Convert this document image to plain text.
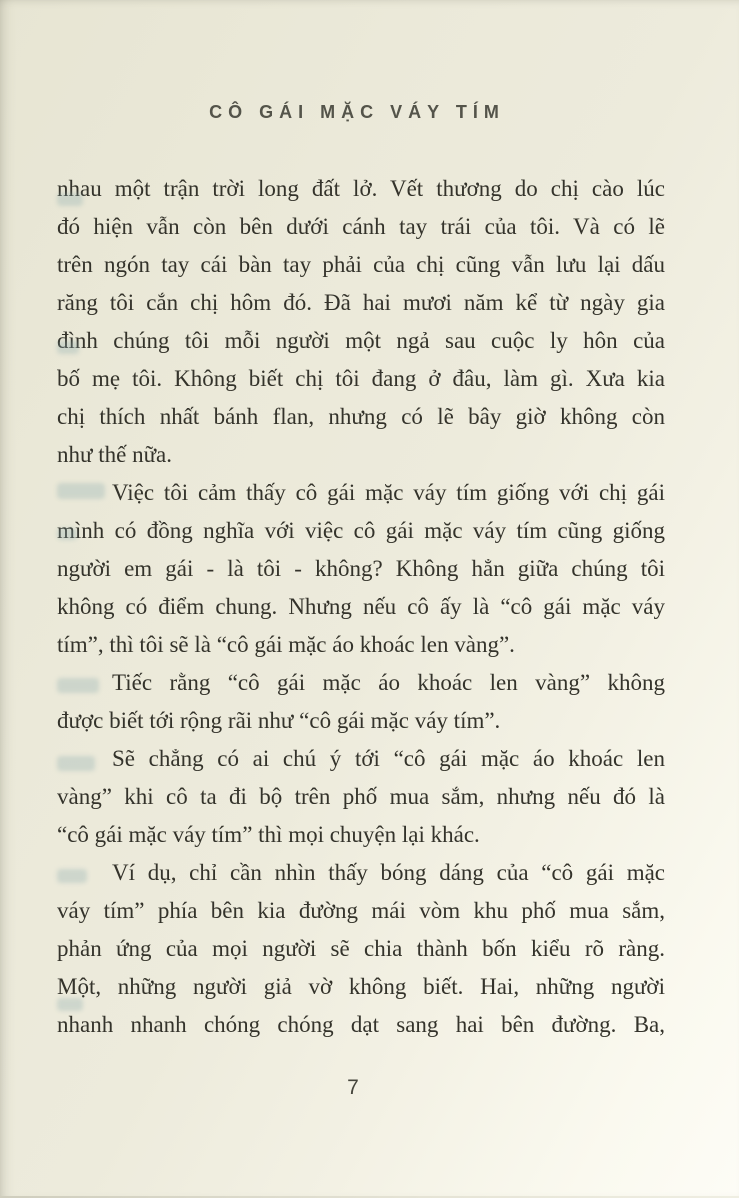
CÔ GÁI MẶC VÁY TÍM
nhau một trận trời long đất lở. Vết thương do chị cào lúc
đó hiện vẫn còn bên dưới cánh tay trái của tôi. Và có lẽ
trên ngón tay cái bàn tay phải của chị cũng vẫn lưu lại dấu
răng tôi cắn chị hôm đó. Đã hai mươi năm kể từ ngày gia
đình chúng tôi mỗi người một ngả sau cuộc ly hôn của
bố mẹ tôi. Không biết chị tôi đang ở đâu, làm gì. Xưa kia
chị thích nhất bánh flan, nhưng có lẽ bây giờ không còn
như thế nữa.
Việc tôi cảm thấy cô gái mặc váy tím giống với chị gái
mình có đồng nghĩa với việc cô gái mặc váy tím cũng giống
người em gái - là tôi - không? Không hẳn giữa chúng tôi
không có điểm chung. Nhưng nếu cô ấy là “cô gái mặc váy
tím”, thì tôi sẽ là “cô gái mặc áo khoác len vàng”.
Tiếc rằng “cô gái mặc áo khoác len vàng” không
được biết tới rộng rãi như “cô gái mặc váy tím”.
Sẽ chẳng có ai chú ý tới “cô gái mặc áo khoác len
vàng” khi cô ta đi bộ trên phố mua sắm, nhưng nếu đó là
“cô gái mặc váy tím” thì mọi chuyện lại khác.
Ví dụ, chỉ cần nhìn thấy bóng dáng của “cô gái mặc
váy tím” phía bên kia đường mái vòm khu phố mua sắm,
phản ứng của mọi người sẽ chia thành bốn kiểu rõ ràng.
Một, những người giả vờ không biết. Hai, những người
nhanh nhanh chóng chóng dạt sang hai bên đường. Ba,
7
